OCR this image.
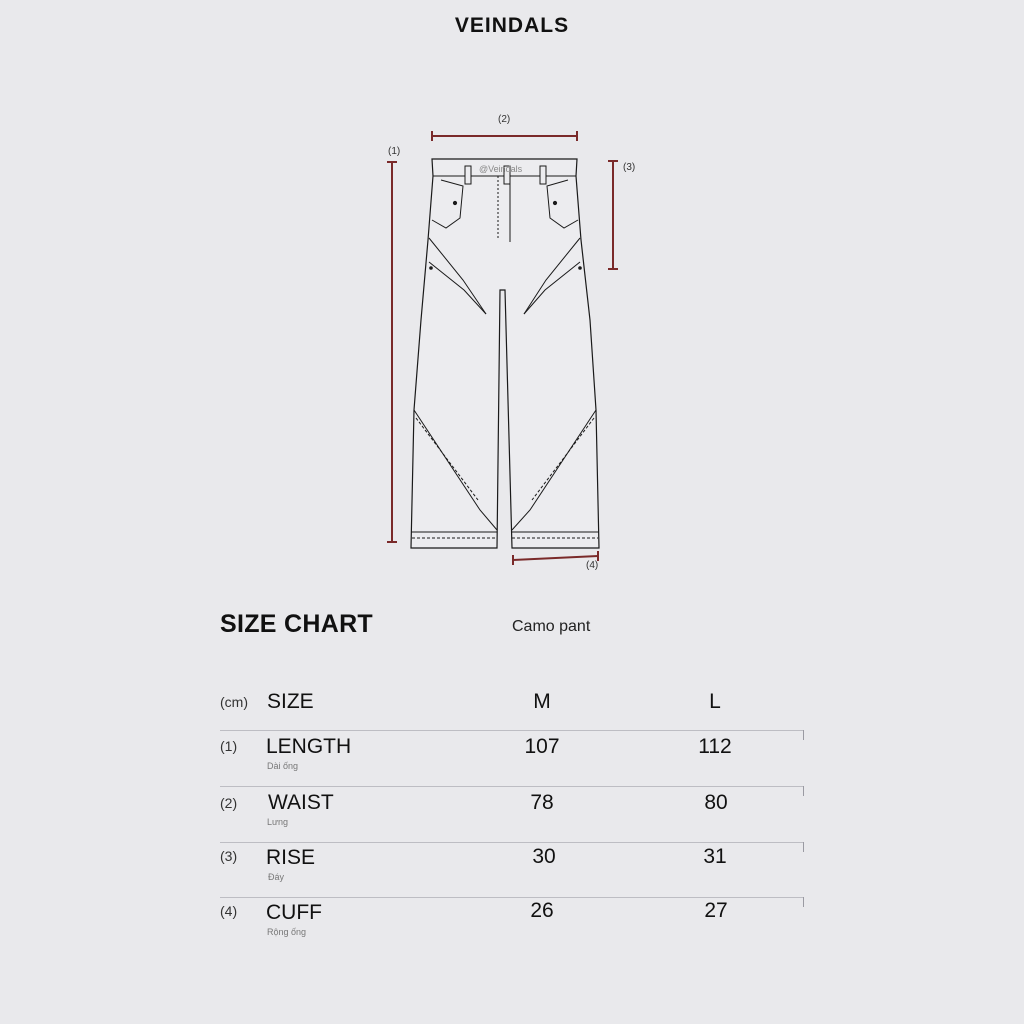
VEINDALS
(1)
(2)
(3)
(4)
@Veindals
SIZE CHART	Camo pant
(cm) SIZE	M	L
(1) LENGTH
Dài ống
107	112
(2) WAIST
Lưng
78	80
(3) RISE
Đáy
30	31
(4) CUFF
Rộng ống
26	27
